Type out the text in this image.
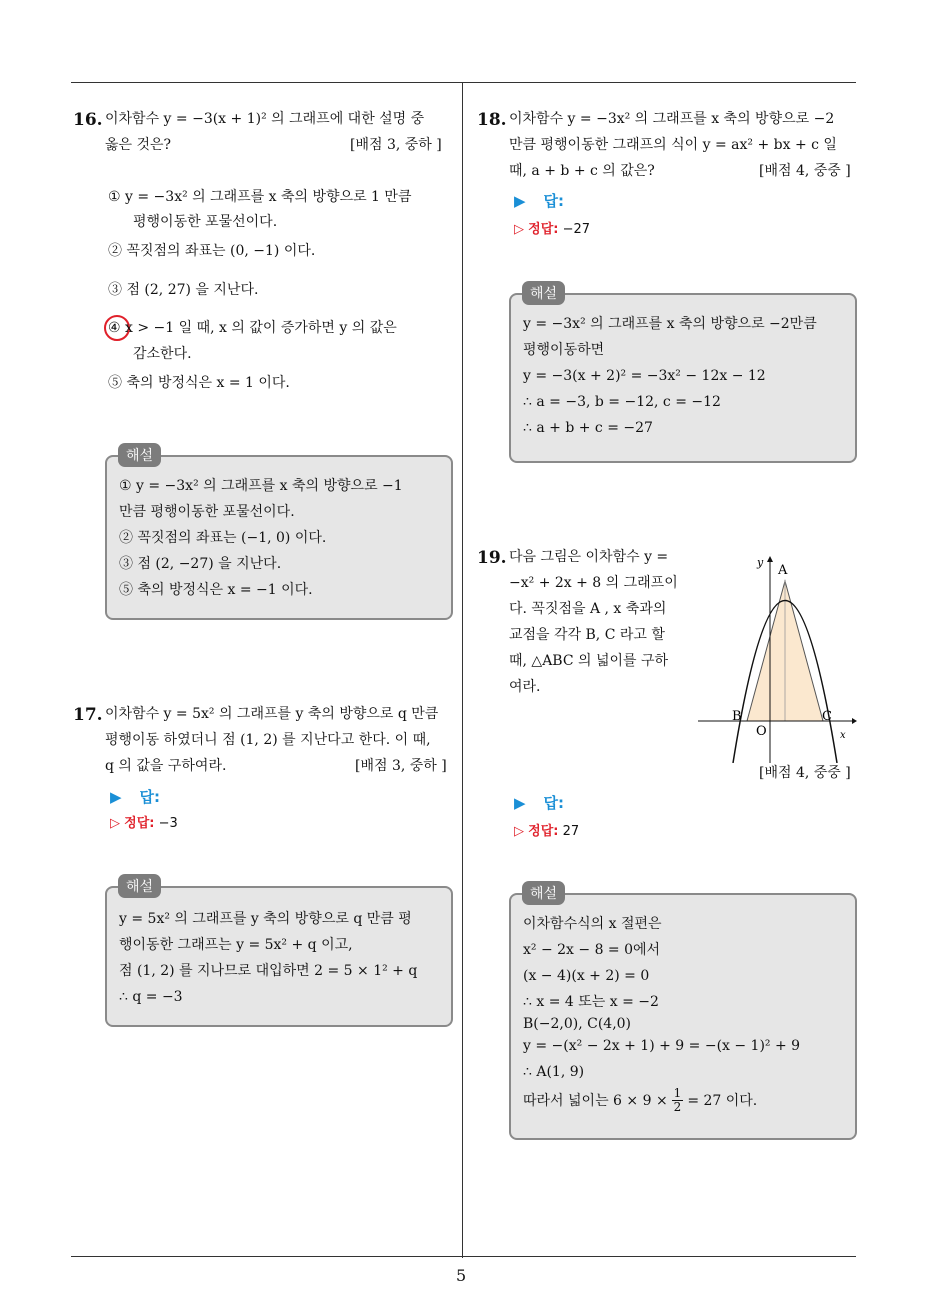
16. 이차함수 y = −3(x + 1)² 의 그래프에 대한 설명 중
옳은 것은?	[배점 3, 중하 ]
① y = −3x² 의 그래프를 x 축의 방향으로 1 만큼
평행이동한 포물선이다.
② 꼭짓점의 좌표는 (0, −1) 이다.
③ 점 (2, 27) 을 지난다.
④ x > −1 일 때, x 의 값이 증가하면 y 의 값은
감소한다.
⑤ 축의 방정식은 x = 1 이다.
① y = −3x² 의 그래프를 x 축의 방향으로 −1
만큼 평행이동한 포물선이다.
② 꼭짓점의 좌표는 (−1, 0) 이다.
③ 점 (2, −27) 을 지난다.
⑤ 축의 방정식은 x = −1 이다.
해설
17. 이차함수 y = 5x² 의 그래프를 y 축의 방향으로 q 만큼
평행이동 하였더니 점 (1, 2) 를 지난다고 한다. 이 때,
q 의 값을 구하여라.	[배점 3, 중하 ]
▶ 답:
▷ 정답: −3
y = 5x² 의 그래프를 y 축의 방향으로 q 만큼 평
행이동한 그래프는 y = 5x² + q 이고,
점 (1, 2) 를 지나므로 대입하면 2 = 5 × 1² + q
∴ q = −3
해설
18. 이차함수 y = −3x² 의 그래프를 x 축의 방향으로 −2
만큼 평행이동한 그래프의 식이 y = ax² + bx + c 일
때, a + b + c 의 값은?	[배점 4, 중중 ]
▶ 답:
▷ 정답: −27
y = −3x² 의 그래프를 x 축의 방향으로 −2만큼
평행이동하면
y = −3(x + 2)² = −3x² − 12x − 12
∴ a = −3, b = −12, c = −12
∴ a + b + c = −27
해설
19. 다음 그림은 이차함수 y =
−x² + 2x + 8 의 그래프이
다. 꼭짓점을 A , x 축과의
교점을 각각 B, C 라고 할
때, △ABC 의 넓이를 구하
여라.
y
x
A
B	C
O
[배점 4, 중중 ]
▶ 답:
▷ 정답: 27
이차함수식의 x 절편은
x² − 2x − 8 = 0에서
(x − 4)(x + 2) = 0
∴ x = 4 또는 x = −2
B(−2,0), C(4,0)
y = −(x² − 2x + 1) + 9 = −(x − 1)² + 9
∴ A(1, 9)
따라서 넓이는 $6 \times 9 \times \frac{1}{2} = 27$ 이다.
해설
5
